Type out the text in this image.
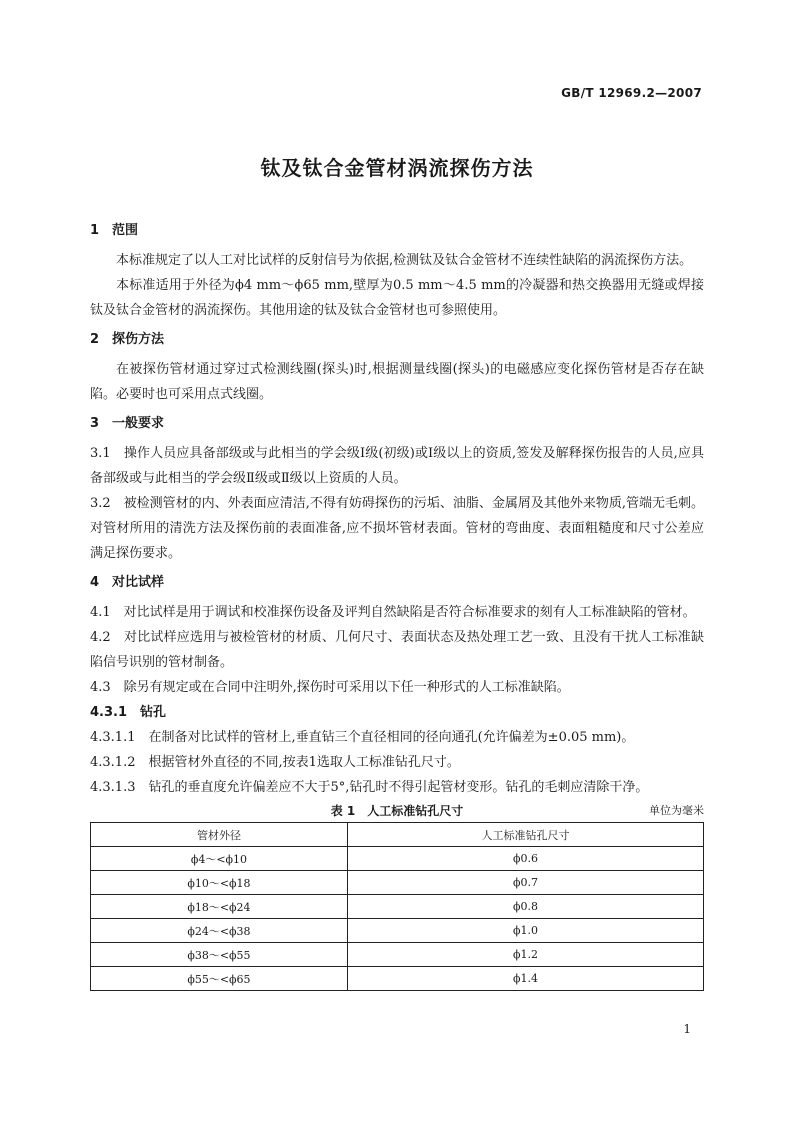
GB/T 12969.2—2007
钛及钛合金管材涡流探伤方法
1 范围

本标准规定了以人工对比试样的反射信号为依据,检测钛及钛合金管材不连续性缺陷的涡流探伤方法。

本标准适用于外径为ϕ4 mm～ϕ65 mm,壁厚为0.5 mm～4.5 mm的冷凝器和热交换器用无缝或焊接钛及钛合金管材的涡流探伤。其他用途的钛及钛合金管材也可参照使用。

2 探伤方法

在被探伤管材通过穿过式检测线圈(探头)时,根据测量线圈(探头)的电磁感应变化探伤管材是否存在缺陷。必要时也可采用点式线圈。

3 一般要求

3.1　操作人员应具备部级或与此相当的学会级Ⅰ级(初级)或Ⅰ级以上的资质,签发及解释探伤报告的人员,应具备部级或与此相当的学会级Ⅱ级或Ⅱ级以上资质的人员。

3.2　被检测管材的内、外表面应清洁,不得有妨碍探伤的污垢、油脂、金属屑及其他外来物质,管端无毛刺。对管材所用的清洗方法及探伤前的表面准备,应不损坏管材表面。管材的弯曲度、表面粗糙度和尺寸公差应满足探伤要求。

4 对比试样

4.1　对比试样是用于调试和校准探伤设备及评判自然缺陷是否符合标准要求的刻有人工标准缺陷的管材。

4.2　对比试样应选用与被检管材的材质、几何尺寸、表面状态及热处理工艺一致、且没有干扰人工标准缺陷信号识别的管材制备。

4.3　除另有规定或在合同中注明外,探伤时可采用以下任一种形式的人工标准缺陷。

4.3.1　 钻孔

4.3.1.1　在制备对比试样的管材上,垂直钻三个直径相同的径向通孔(允许偏差为±0.05 mm)。

4.3.1.2　根据管材外直径的不同,按表1选取人工标准钻孔尺寸。

4.3.1.3　钻孔的垂直度允许偏差应不大于5°,钻孔时不得引起管材变形。钻孔的毛刺应清除干净。

表 1　人工标准钻孔尺寸	单位为毫米
管材外径	人工标准钻孔尺寸
ϕ4～<ϕ10	ϕ0.6
ϕ10～<ϕ18	ϕ0.7
ϕ18～<ϕ24	ϕ0.8
ϕ24～<ϕ38	ϕ1.0
ϕ38～<ϕ55	ϕ1.2
ϕ55～<ϕ65	ϕ1.4
1
